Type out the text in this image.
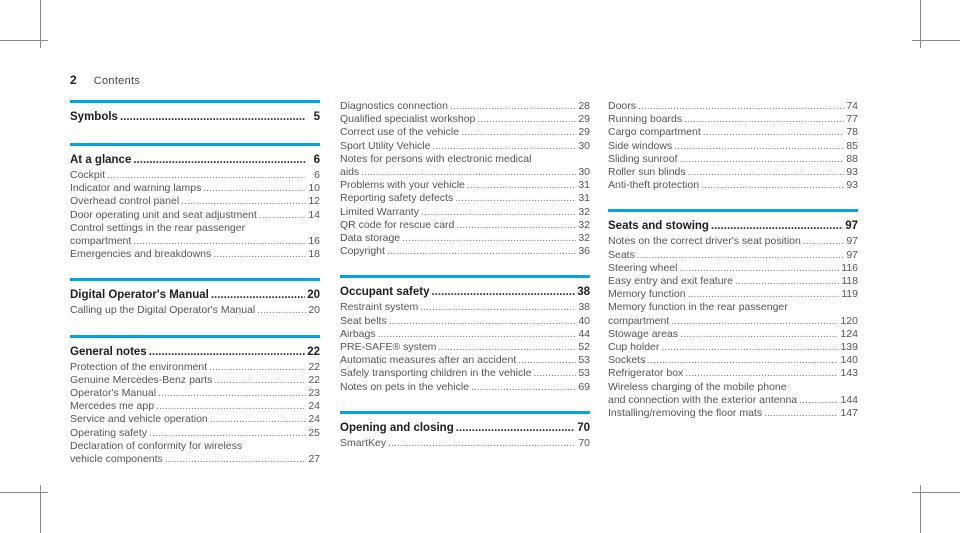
2 Contents
Symbols .....	5
At a glance .....	6
Cockpit .....	6
Indicator and warning lamps .....	10
Overhead control panel .....	12
Door operating unit and seat adjustment .....	14
Control settings in the rear passenger
compartment .....	16
Emergencies and breakdowns .....	18
Digital Operator's Manual .....	20
Calling up the Digital Operator's Manual .....	20
General notes .....	22
Protection of the environment .....	22
Genuine Mercedes-Benz parts .....	22
Operator's Manual .....	23
Mercedes me app .....	24
Service and vehicle operation .....	24
Operating safety .....	25
Declaration of conformity for wireless
vehicle components .....	27
Diagnostics connection .....	28
Qualified specialist workshop .....	29
Correct use of the vehicle .....	29
Sport Utility Vehicle .....	30
Notes for persons with electronic medical
aids .....	30
Problems with your vehicle .....	31
Reporting safety defects .....	31
Limited Warranty .....	32
QR code for rescue card .....	32
Data storage .....	32
Copyright .....	36
Occupant safety .....	38
Restraint system .....	38
Seat belts .....	40
Airbags .....	44
PRE-SAFE® system .....	52
Automatic measures after an accident .....	53
Safely transporting children in the vehicle .....	53
Notes on pets in the vehicle .....	69
Opening and closing .....	70
SmartKey .....	70
Doors .....	74
Running boards .....	77
Cargo compartment .....	78
Side windows .....	85
Sliding sunroof .....	88
Roller sun blinds .....	93
Anti-theft protection .....	93
Seats and stowing .....	97
Notes on the correct driver's seat position .....	97
Seats .....	97
Steering wheel .....	116
Easy entry and exit feature .....	118
Memory function .....	119
Memory function in the rear passenger
compartment .....	120
Stowage areas .....	124
Cup holder .....	139
Sockets .....	140
Refrigerator box .....	143
Wireless charging of the mobile phone
and connection with the exterior antenna .....	144
Installing/removing the floor mats .....	147
